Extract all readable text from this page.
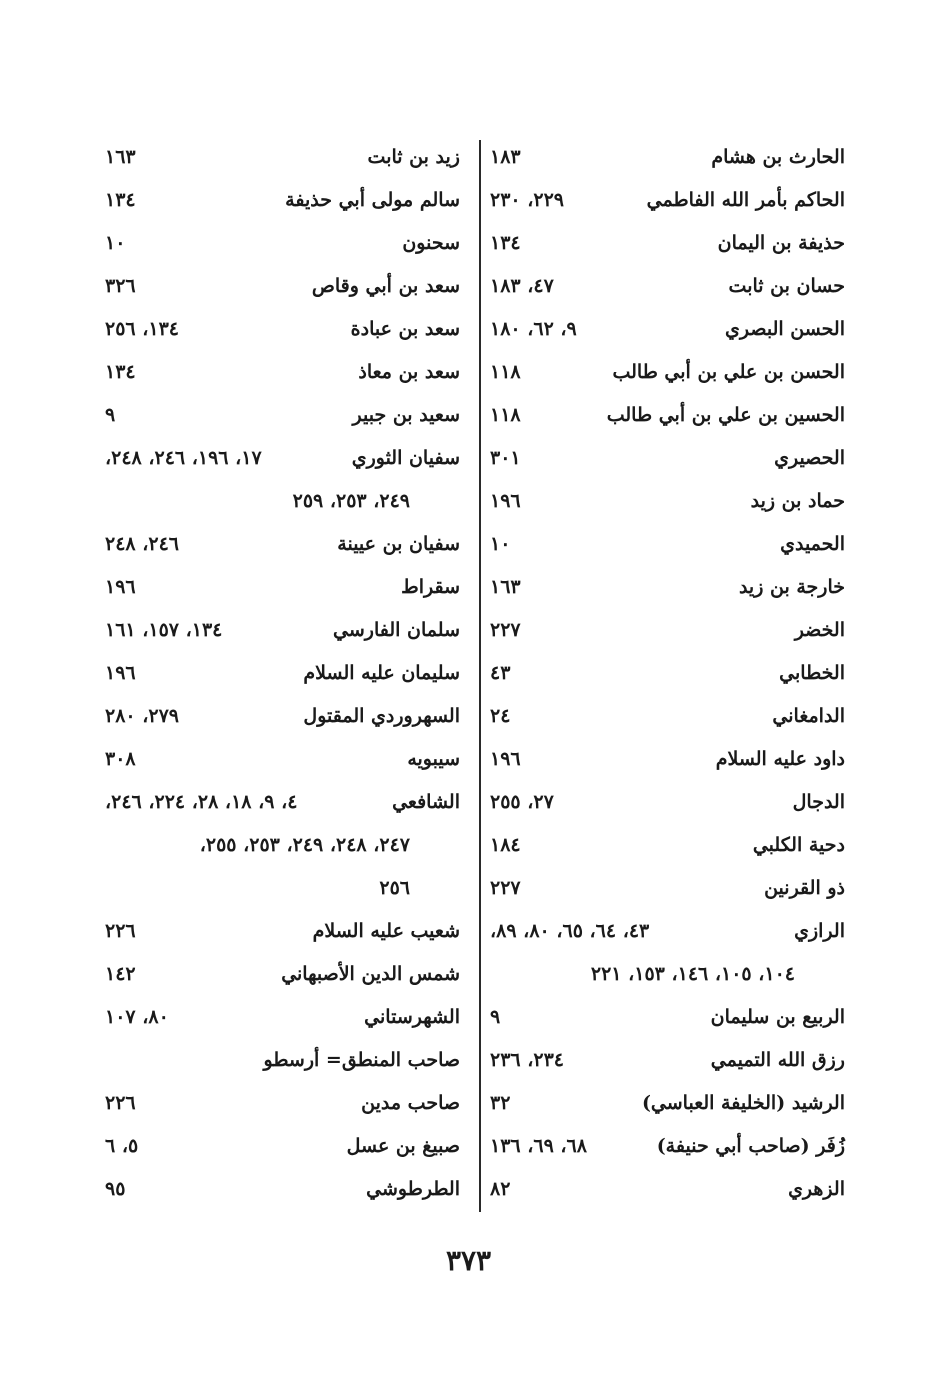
الحارث بن هشام
١٨٣
الحاكم بأمر الله الفاطمي
٢٢٩، ٢٣٠
حذيفة بن اليمان
١٣٤
حسان بن ثابت
٤٧، ١٨٣
الحسن البصري
٩، ٦٢، ١٨٠
الحسن بن علي بن أبي طالب
١١٨
الحسين بن علي بن أبي طالب
١١٨
الحصيري
٣٠١
حماد بن زيد
١٩٦
الحميدي
١٠
خارجة بن زيد
١٦٣
الخضر
٢٢٧
الخطابي
٤٣
الدامغاني
٢٤
داود عليه السلام
١٩٦
الدجال
٢٧، ٢٥٥
دحية الكلبي
١٨٤
ذو القرنين
٢٢٧
الرازي
٤٣، ٦٤، ٦٥، ٨٠، ٨٩،
١٠٤، ١٠٥، ١٤٦، ١٥٣، ٢٢١
الربيع بن سليمان
٩
رزق الله التميمي
٢٣٤، ٢٣٦
الرشيد (الخليفة العباسي)
٣٢
زُفَر (صاحب أبي حنيفة)
٦٨، ٦٩، ١٣٦
الزهري
٨٢
زيد بن ثابت
١٦٣
سالم مولى أبي حذيفة
١٣٤
سحنون
١٠
سعد بن أبي وقاص
٣٢٦
سعد بن عبادة
١٣٤، ٢٥٦
سعد بن معاذ
١٣٤
سعيد بن جبير
٩
سفيان الثوري
١٧، ١٩٦، ٢٤٦، ٢٤٨،
٢٤٩، ٢٥٣، ٢٥٩
سفيان بن عيينة
٢٤٦، ٢٤٨
سقراط
١٩٦
سلمان الفارسي
١٣٤، ١٥٧، ١٦١
سليمان عليه السلام
١٩٦
السهروردي المقتول
٢٧٩، ٢٨٠
سيبويه
٣٠٨
الشافعي
٤، ٩، ١٨، ٢٨، ٢٢٤، ٢٤٦،
٢٤٧، ٢٤٨، ٢٤٩، ٢٥٣، ٢٥٥،
٢٥٦
شعيب عليه السلام
٢٢٦
شمس الدين الأصبهاني
١٤٢
الشهرستاني
٨٠، ١٠٧
صاحب المنطق= أرسطو
صاحب مدين
٢٢٦
صبيغ بن عسل
٥، ٦
الطرطوشي
٩٥
٣٧٣
